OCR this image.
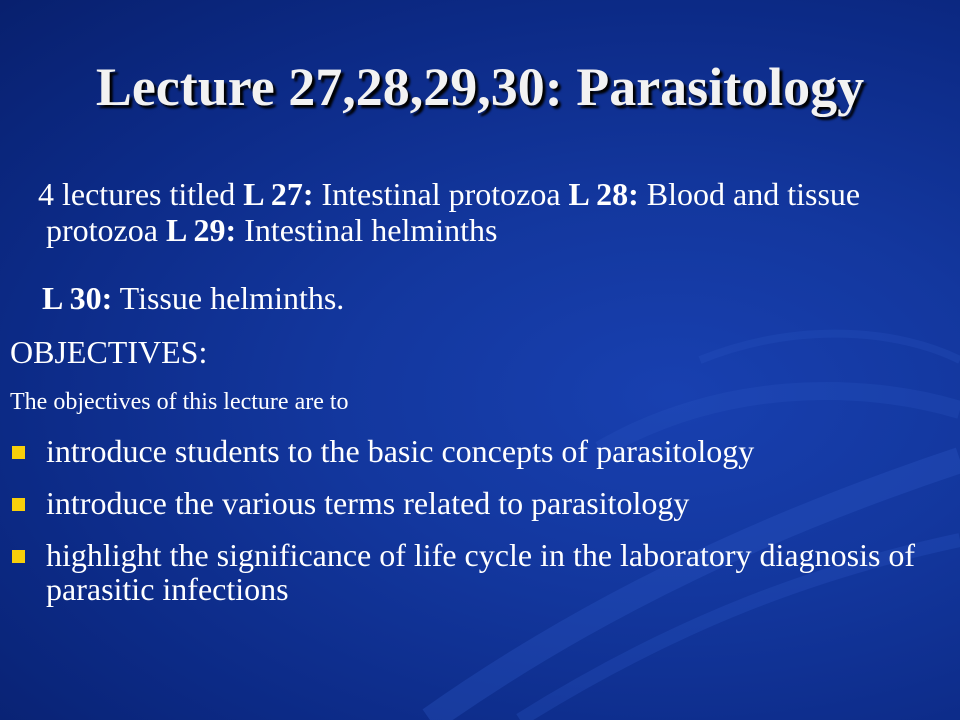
Lecture 27,28,29,30: Parasitology
4 lectures titled L 27: Intestinal protozoa L 28: Blood and tissue protozoa L 29: Intestinal helminths
L 30: Tissue helminths.
OBJECTIVES:
The objectives of this lecture are to
introduce students to the basic concepts of parasitology
introduce the various terms related to parasitology
highlight the significance of life cycle in the laboratory diagnosis of parasitic infections
